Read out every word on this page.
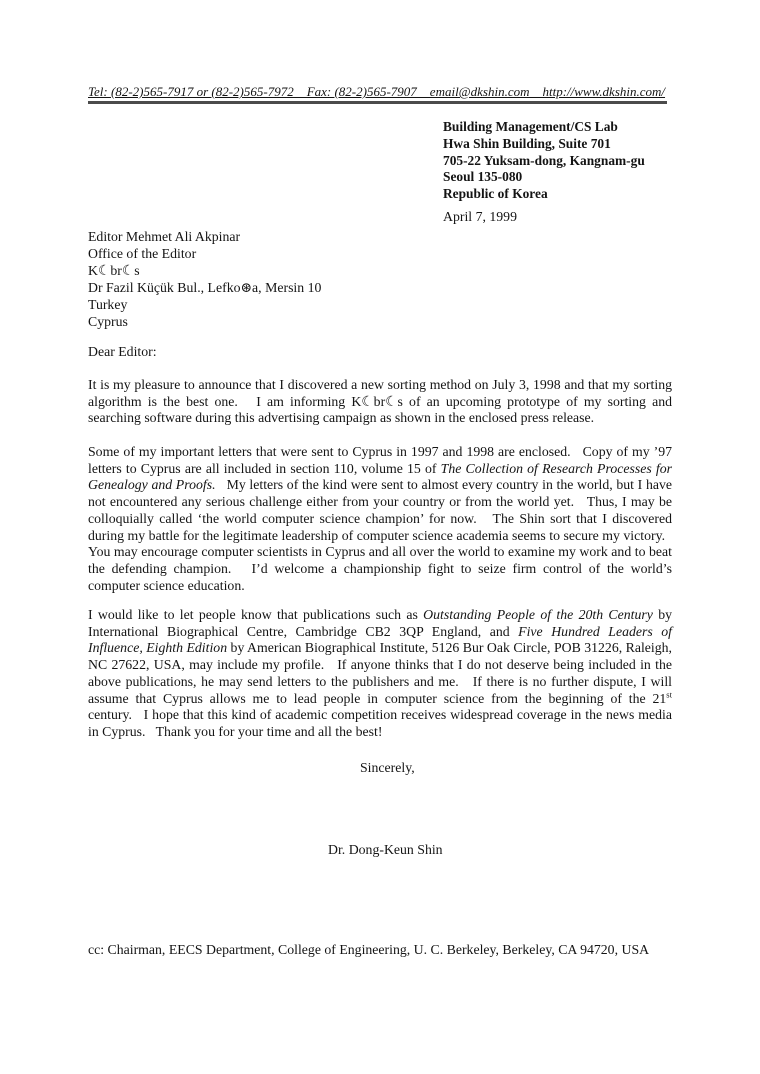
Tel: (82-2)565-7917 or (82-2)565-7972    Fax: (82-2)565-7907    email@dkshin.com    http://www.dkshin.com/
Building Management/CS Lab
Hwa Shin Building, Suite 701
705-22 Yuksam-dong, Kangnam-gu
Seoul 135-080
Republic of Korea
April 7, 1999
Editor Mehmet Ali Akpinar
Office of the Editor
K☾br☾s
Dr Fazil Küçük Bul., Lefko⊛a, Mersin 10
Turkey
Cyprus
Dear Editor:
It is my pleasure to announce that I discovered a new sorting method on July 3, 1998 and that my sorting algorithm is the best one.   I am informing K☾br☾s of an upcoming prototype of my sorting and searching software during this advertising campaign as shown in the enclosed press release.
Some of my important letters that were sent to Cyprus in 1997 and 1998 are enclosed.   Copy of my ’97 letters to Cyprus are all included in section 110, volume 15 of The Collection of Research Processes for Genealogy and Proofs.   My letters of the kind were sent to almost every country in the world, but I have not encountered any serious challenge either from your country or from the world yet.   Thus, I may be colloquially called ‘the world computer science champion’ for now.   The Shin sort that I discovered during my battle for the legitimate leadership of computer science academia seems to secure my victory.   You may encourage computer scientists in Cyprus and all over the world to examine my work and to beat the defending champion.   I’d welcome a championship fight to seize firm control of the world’s computer science education.
I would like to let people know that publications such as Outstanding People of the 20th Century by International Biographical Centre, Cambridge CB2 3QP England, and Five Hundred Leaders of Influence, Eighth Edition by American Biographical Institute, 5126 Bur Oak Circle, POB 31226, Raleigh, NC 27622, USA, may include my profile.   If anyone thinks that I do not deserve being included in the above publications, he may send letters to the publishers and me.   If there is no further dispute, I will assume that Cyprus allows me to lead people in computer science from the beginning of the 21st century.   I hope that this kind of academic competition receives widespread coverage in the news media in Cyprus.   Thank you for your time and all the best!
Sincerely,
Dr. Dong-Keun Shin
cc: Chairman, EECS Department, College of Engineering, U. C. Berkeley, Berkeley, CA 94720, USA
